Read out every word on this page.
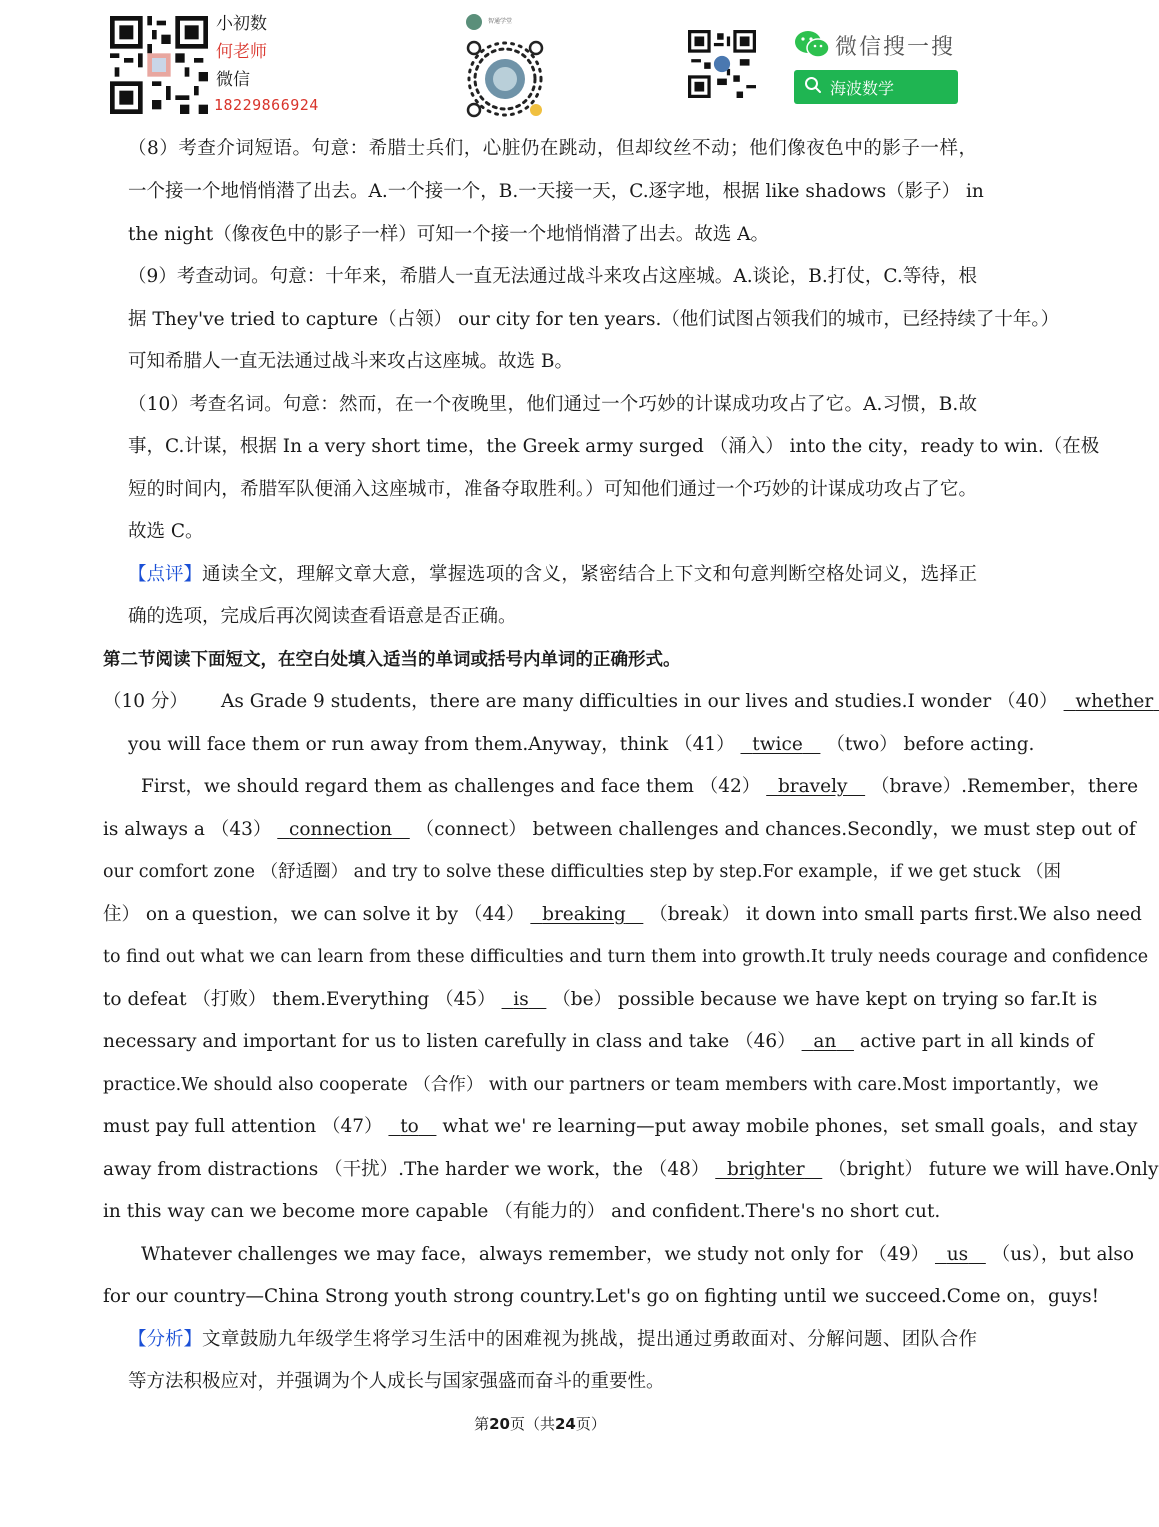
小初数
何老师
微信
18229866924
智通学堂
微信搜一搜
海波数学
（8）考查介词短语。句意：希腊士兵们，心脏仍在跳动，但却纹丝不动；他们像夜色中的影子一样，
一个接一个地悄悄潜了出去。A.一个接一个，B.一天接一天，C.逐字地，根据 like shadows（影子） in
the night（像夜色中的影子一样）可知一个接一个地悄悄潜了出去。故选 A。
（9）考查动词。句意：十年来，希腊人一直无法通过战斗来攻占这座城。A.谈论，B.打仗，C.等待，根
据 They've tried to capture（占领） our city for ten years.（他们试图占领我们的城市，已经持续了十年。）
可知希腊人一直无法通过战斗来攻占这座城。故选 B。
（10）考查名词。句意：然而，在一个夜晚里，他们通过一个巧妙的计谋成功攻占了它。A.习惯，B.故
事，C.计谋，根据 In a very short time，the Greek army surged （涌入） into the city，ready to win.（在极
短的时间内，希腊军队便涌入这座城市，准备夺取胜利。）可知他们通过一个巧妙的计谋成功攻占了它。
故选 C。
【点评】 通读全文，理解文章大意，掌握选项的含义，紧密结合上下文和句意判断空格处词义，选择正
确的选项，完成后再次阅读查看语意是否正确。
第二节阅读下面短文，在空白处填入适当的单词或括号内单词的正确形式。
（10 分） As Grade 9 students，there are many difficulties in our lives and studies.I wonder （40） whether
you will face them or run away from them.Anyway，think （41） twice （two） before acting.
First，we should regard them as challenges and face them （42） bravely （brave）.Remember，there
is always a （43） connection （connect） between challenges and chances.Secondly，we must step out of
our comfort zone （舒适圈） and try to solve these difficulties step by step.For example，if we get stuck （困
住） on a question，we can solve it by （44） breaking （break） it down into small parts first.We also need
to find out what we can learn from these difficulties and turn them into growth.It truly needs courage and confidence
to defeat （打败） them.Everything （45） is （be） possible because we have kept on trying so far.It is
necessary and important for us to listen carefully in class and take （46） an active part in all kinds of
practice.We should also cooperate （合作） with our partners or team members with care.Most importantly，we
must pay full attention （47） to what we' re learning—put away mobile phones，set small goals，and stay
away from distractions （干扰）.The harder we work，the （48） brighter （bright） future we will have.Only
in this way can we become more capable （有能力的） and confident.There's no short cut.
Whatever challenges we may face，always remember，we study not only for （49） us （us），but also
for our country—China Strong youth strong country.Let's go on fighting until we succeed.Come on，guys!
【分析】 文章鼓励九年级学生将学习生活中的困难视为挑战，提出通过勇敢面对、分解问题、团队合作
等方法积极应对，并强调为个人成长与国家强盛而奋斗的重要性。
第20页（共24页）
